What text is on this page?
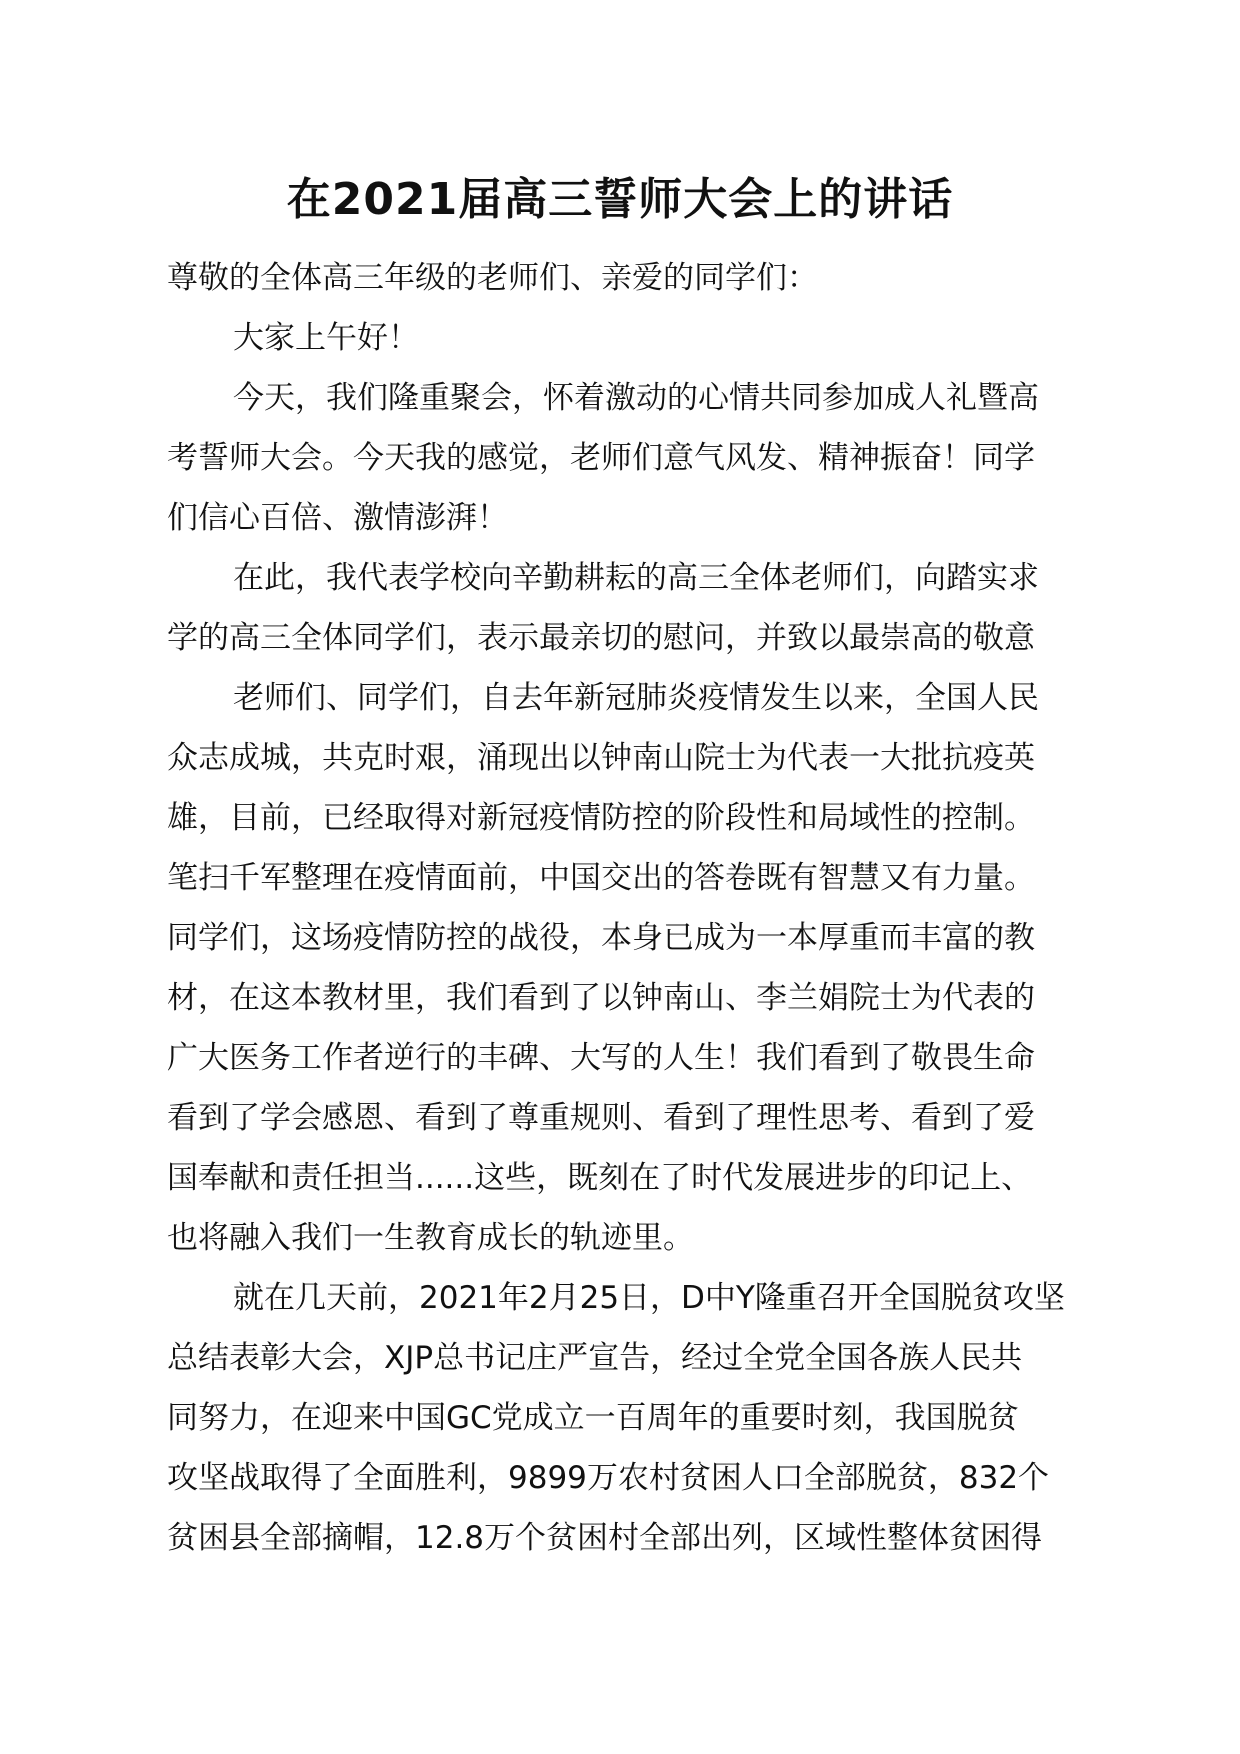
在2021届高三誓师大会上的讲话
尊敬的全体高三年级的老师们、亲爱的同学们：
大家上午好！
今天，我们隆重聚会，怀着激动的心情共同参加成人礼暨高
考誓师大会。今天我的感觉，老师们意气风发、精神振奋！同学
们信心百倍、激情澎湃！
在此，我代表学校向辛勤耕耘的高三全体老师们，向踏实求
学的高三全体同学们，表示最亲切的慰问，并致以最崇高的敬意
老师们、同学们，自去年新冠肺炎疫情发生以来，全国人民
众志成城，共克时艰，涌现出以钟南山院士为代表一大批抗疫英
雄，目前，已经取得对新冠疫情防控的阶段性和局域性的控制。
笔扫千军整理在疫情面前，中国交出的答卷既有智慧又有力量。
同学们，这场疫情防控的战役，本身已成为一本厚重而丰富的教
材，在这本教材里，我们看到了以钟南山、李兰娟院士为代表的
广大医务工作者逆行的丰碑、大写的人生！我们看到了敬畏生命
看到了学会感恩、看到了尊重规则、看到了理性思考、看到了爱
国奉献和责任担当......这些，既刻在了时代发展进步的印记上、
也将融入我们一生教育成长的轨迹里。
就在几天前，2021年2月25日，D中Y隆重召开全国脱贫攻坚
总结表彰大会，XJP总书记庄严宣告，经过全党全国各族人民共
同努力，在迎来中国GC党成立一百周年的重要时刻，我国脱贫
攻坚战取得了全面胜利，9899万农村贫困人口全部脱贫，832个
贫困县全部摘帽，12.8万个贫困村全部出列，区域性整体贫困得
